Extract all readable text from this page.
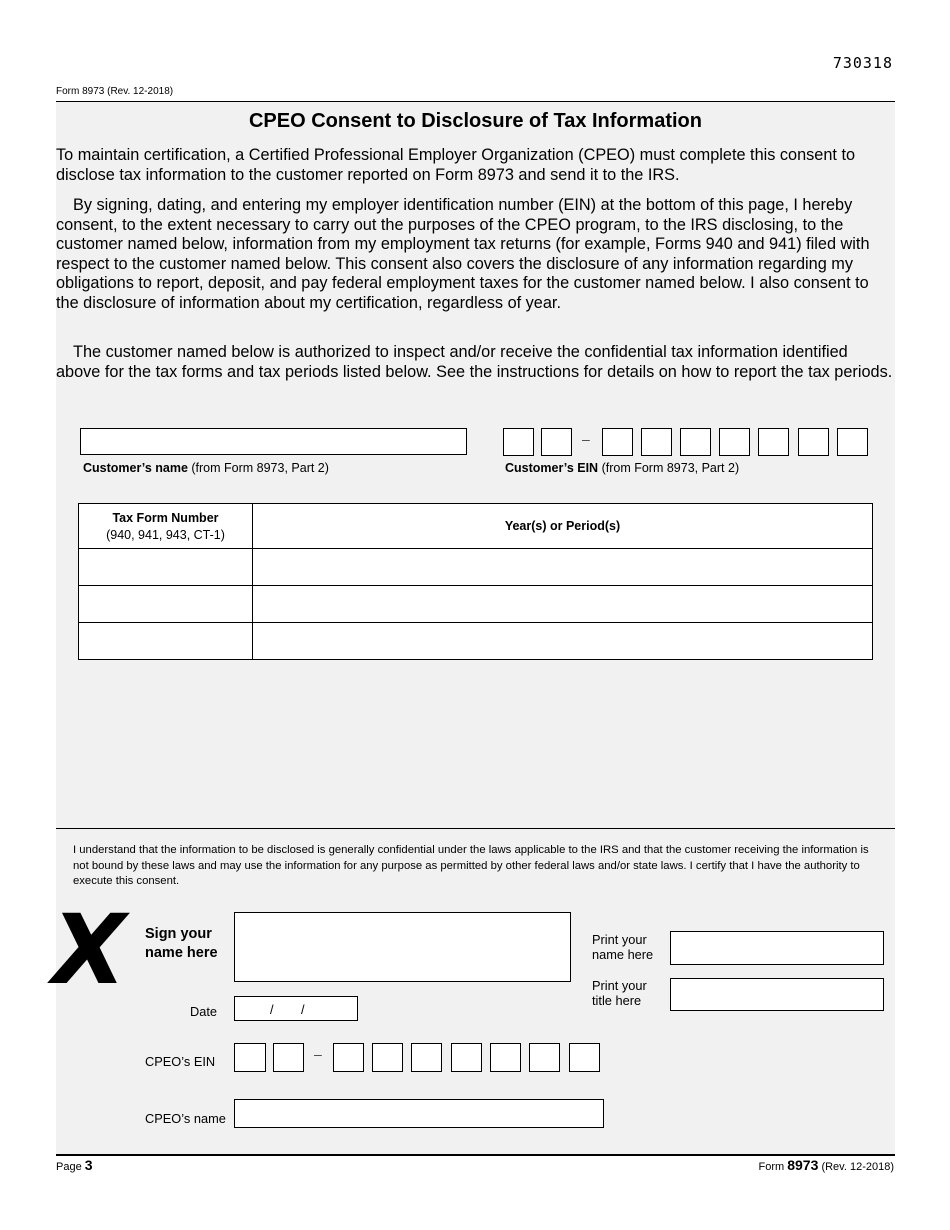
730318
Form 8973 (Rev. 12-2018)
CPEO Consent to Disclosure of Tax Information
To maintain certification, a Certified Professional Employer Organization (CPEO) must complete this consent to disclose tax information to the customer reported on Form 8973 and send it to the IRS.
By signing, dating, and entering my employer identification number (EIN) at the bottom of this page, I hereby consent, to the extent necessary to carry out the purposes of the CPEO program, to the IRS disclosing, to the customer named below, information from my employment tax returns (for example, Forms 940 and 941) filed with respect to the customer named below. This consent also covers the disclosure of any information regarding my obligations to report, deposit, and pay federal employment taxes for the customer named below. I also consent to the disclosure of information about my certification, regardless of year.
The customer named below is authorized to inspect and/or receive the confidential tax information identified above for the tax forms and tax periods listed below. See the instructions for details on how to report the tax periods.
Customer’s name (from Form 8973, Part 2)
–
Customer’s EIN (from Form 8973, Part 2)
Tax Form Number
(940, 941, 943, CT-1)	Year(s) or Period(s)

I understand that the information to be disclosed is generally confidential under the laws applicable to the IRS and that the customer receiving the information is not bound by these laws and may use the information for any purpose as permitted by other federal laws and/or state laws. I certify that I have the authority to execute this consent.
X Sign your
name here
Date	/ /
Print your
name here
Print your
title here
CPEO’s EIN	–
CPEO’s name
Page 3	Form 8973 (Rev. 12-2018)
